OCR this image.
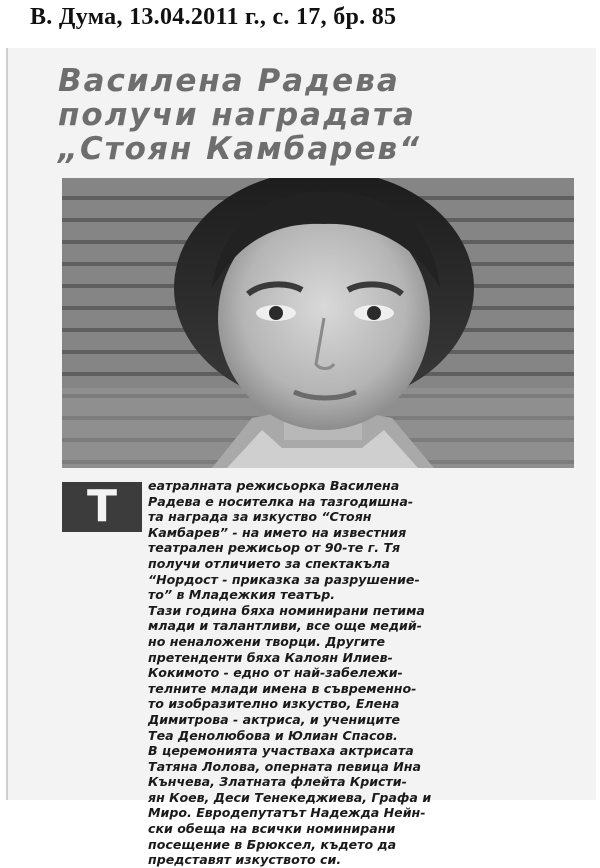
В. Дума, 13.04.2011 г., с. 17, бр. 85
Василена Радева
получи наградата
„Стоян Камбарев“
Т	еатралната режисьорка Василена
Радева е носителка на тазгодишна-
та награда за изкуство “Стоян
Камбарев” - на името на известния
театрален режисьор от 90-те г. Тя
получи отличието за спектакъла
“Нордост - приказка за разрушение-
то” в Младежкия театър.
Тази година бяха номинирани петима
млади и талантливи, все още медий-
но неналожени творци. Другите
претенденти бяха Калоян Илиев-
Кокимото - едно от най-забележи-
телните млади имена в съвременно-
то изобразително изкуство, Елена
Димитрова - актриса, и учениците
Теа Денолюбова и Юлиан Спасов.
В церемонията участваха актрисата
Татяна Лолова, оперната певица Ина
Кънчева, Златната флейта Кристи-
ян Коев, Деси Тенекеджиева, Графа и
Миро. Евродепутатът Надежда Нейн-
ски обеща на всички номинирани
посещение в Брюксел, където да
представят изкуството си.
